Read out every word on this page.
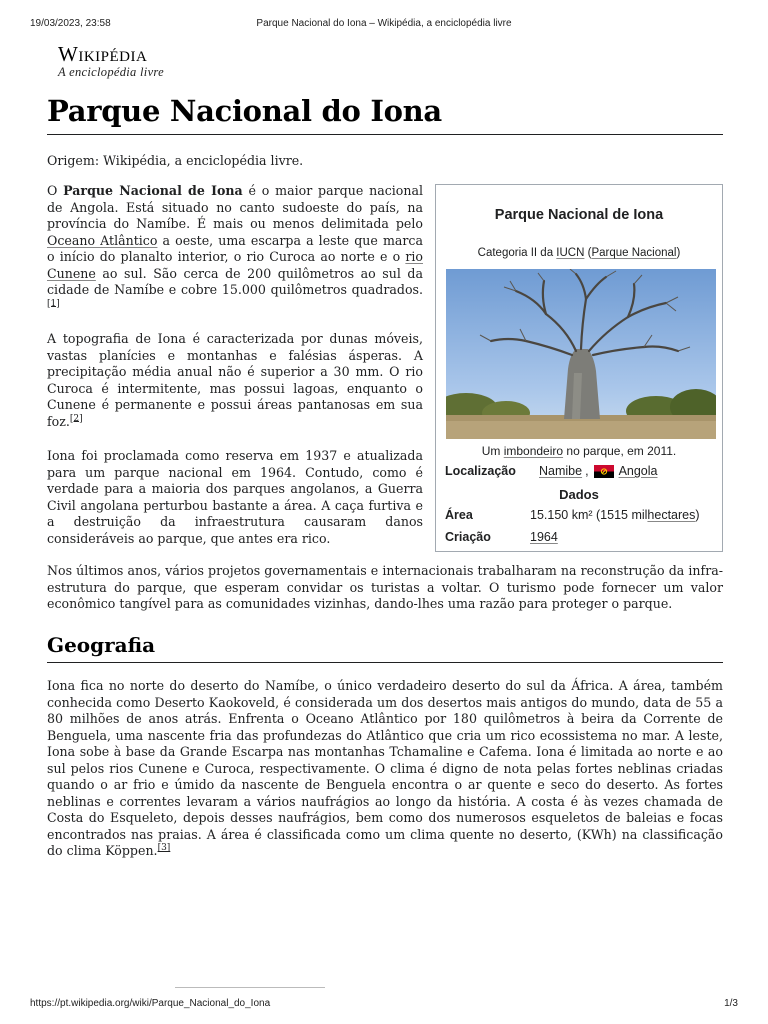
19/03/2023, 23:58	Parque Nacional do Iona – Wikipédia, a enciclopédia livre
Wikipédia
A enciclopédia livre
Parque Nacional do Iona
Origem: Wikipédia, a enciclopédia livre.

O Parque Nacional de Iona é o maior parque nacional de Angola. Está situado no canto sudoeste do país, na província do Namíbe. É mais ou menos delimitada pelo Oceano Atlântico a oeste, uma escarpa a leste que marca o início do planalto interior, o rio Curoca ao norte e o rio Cunene ao sul. São cerca de 200 quilômetros ao sul da cidade de Namíbe e cobre 15.000 quilômetros quadrados.[1]

A topografia de Iona é caracterizada por dunas móveis, vastas planícies e montanhas e falésias ásperas. A precipitação média anual não é superior a 30 mm. O rio Curoca é intermitente, mas possui lagoas, enquanto o Cunene é permanente e possui áreas pantanosas em sua foz.[2]

Iona foi proclamada como reserva em 1937 e atualizada para um parque nacional em 1964. Contudo, como é verdade para a maioria dos parques angolanos, a Guerra Civil angolana perturbou bastante a área. A caça furtiva e a destruição da infraestrutura causaram danos consideráveis ao parque, que antes era rico.

Nos últimos anos, vários projetos governamentais e internacionais trabalharam na reconstrução da infra-estrutura do parque, que esperam convidar os turistas a voltar. O turismo pode fornecer um valor econômico tangível para as comunidades vizinhas, dando-lhes uma razão para proteger o parque.

Parque Nacional de Iona
Categoria II da IUCN (Parque Nacional)
Um imbondeiro no parque, em 2011.
Localização Namibe , Angola
Dados
Área	15.150 km² (1515 mil hectares )
Criação	1964
Geografia

Iona fica no norte do deserto do Namíbe, o único verdadeiro deserto do sul da África. A área, também conhecida como Deserto Kaokoveld, é considerada um dos desertos mais antigos do mundo, data de 55 a 80 milhões de anos atrás. Enfrenta o Oceano Atlântico por 180 quilômetros à beira da Corrente de Benguela, uma nascente fria das profundezas do Atlântico que cria um rico ecossistema no mar. A leste, Iona sobe à base da Grande Escarpa nas montanhas Tchamaline e Cafema. Iona é limitada ao norte e ao sul pelos rios Cunene e Curoca, respectivamente. O clima é digno de nota pelas fortes neblinas criadas quando o ar frio e úmido da nascente de Benguela encontra o ar quente e seco do deserto. As fortes neblinas e correntes levaram a vários naufrágios ao longo da história. A costa é às vezes chamada de Costa do Esqueleto, depois desses naufrágios, bem como dos numerosos esqueletos de baleias e focas encontrados nas praias. A área é classificada como um clima quente no deserto, (KWh) na classificação do clima Köppen.[3]

https://pt.wikipedia.org/wiki/Parque_Nacional_do_Iona	1/3
